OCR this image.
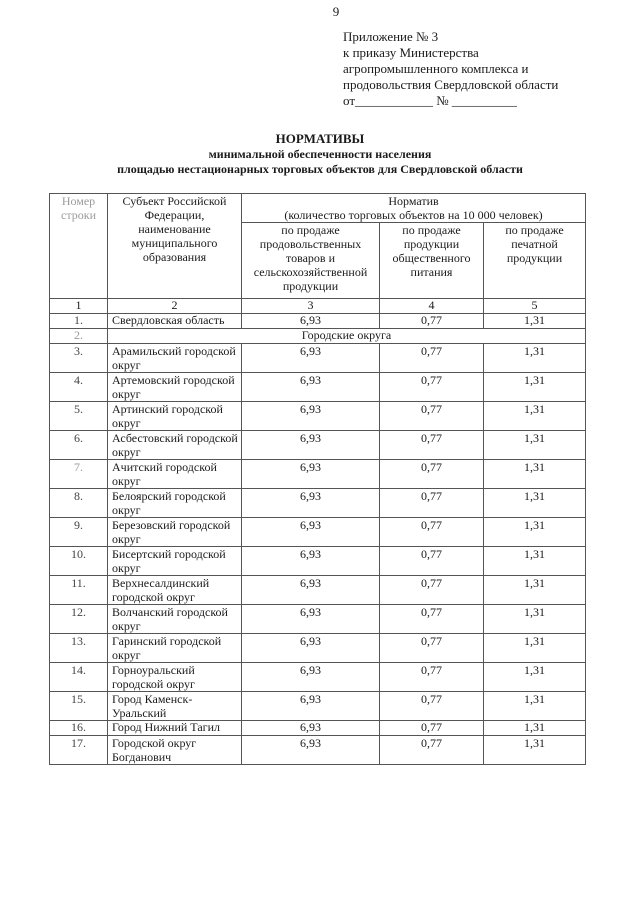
9
Приложение № 3
к приказу Министерства
агропромышленного комплекса и
продовольствия Свердловской области
от____________ № __________
НОРМАТИВЫ
минимальной обеспеченности населения
площадью нестационарных торговых объектов для Свердловской области
Номер строки	Субъект Российской Федерации, наименование муниципального образования	Норматив
(количество торговых объектов на 10 000 человек)		

		по продаже продовольственных товаров и сельскохозяйственной продукции	по продаже продукции общественного питания	по продаже печатной продукции
1	2	3	4	5
1.	Свердловская область	6,93	0,77	1,31
2.	Городские округа			
3.	Арамильский городской округ	6,93	0,77	1,31
4.	Артемовский городской округ	6,93	0,77	1,31
5.	Артинский городской округ	6,93	0,77	1,31
6.	Асбестовский городской округ	6,93	0,77	1,31
7.	Ачитский городской округ	6,93	0,77	1,31
8.	Белоярский городской округ	6,93	0,77	1,31
9.	Березовский городской округ	6,93	0,77	1,31
10.	Бисертский городской округ	6,93	0,77	1,31
11.	Верхнесалдинский городской округ	6,93	0,77	1,31
12.	Волчанский городской округ	6,93	0,77	1,31
13.	Гаринский городской округ	6,93	0,77	1,31
14.	Горноуральский городской округ	6,93	0,77	1,31
15.	Город Каменск-Уральский	6,93	0,77	1,31
16.	Город Нижний Тагил	6,93	0,77	1,31
17.	Городской округ Богданович	6,93	0,77	1,31
